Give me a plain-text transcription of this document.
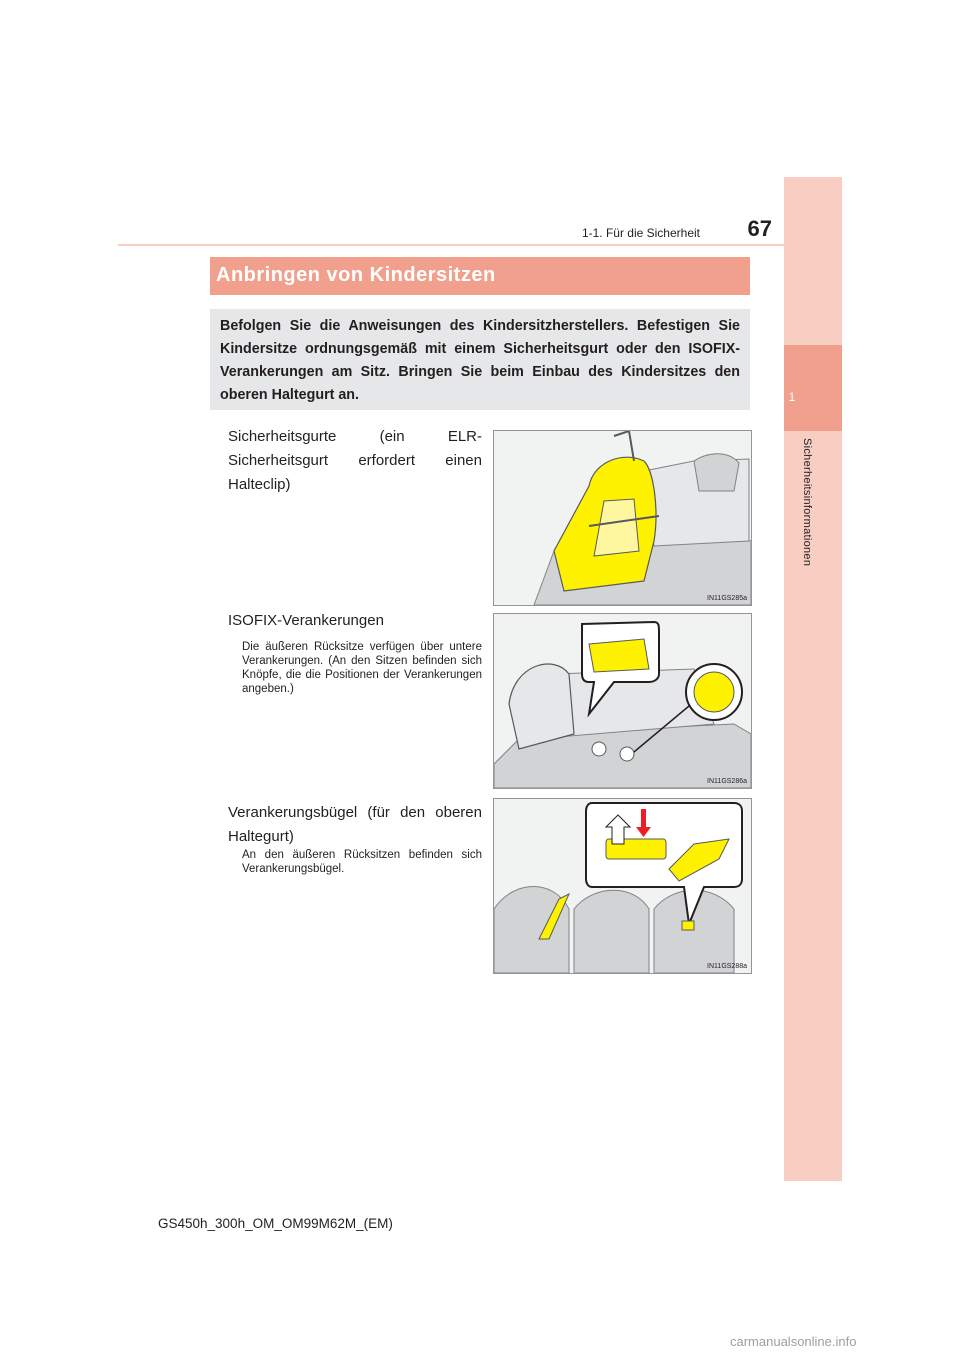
1
Sicherheitsinformationen
1-1. Für die Sicherheit	67
Anbringen von Kindersitzen
Befolgen Sie die Anweisungen des Kindersitzherstellers. Befestigen Sie Kindersitze ordnungsgemäß mit einem Sicherheitsgurt oder den ISOFIX-Verankerungen am Sitz. Bringen Sie beim Einbau des Kindersitzes den oberen Haltegurt an.
Sicherheitsgurte (ein ELR-Sicherheitsgurt erfordert einen Halteclip)
IN11GS285a
ISOFIX-Verankerungen
Die äußeren Rücksitze verfügen über untere Verankerungen. (An den Sitzen befinden sich Knöpfe, die die Positionen der Verankerungen angeben.)
IN11GS286a
Verankerungsbügel (für den oberen Haltegurt)
An den äußeren Rücksitzen befinden sich Verankerungsbügel.
IN11GS288a
GS450h_300h_OM_OM99M62M_(EM)
carmanualsonline.info
